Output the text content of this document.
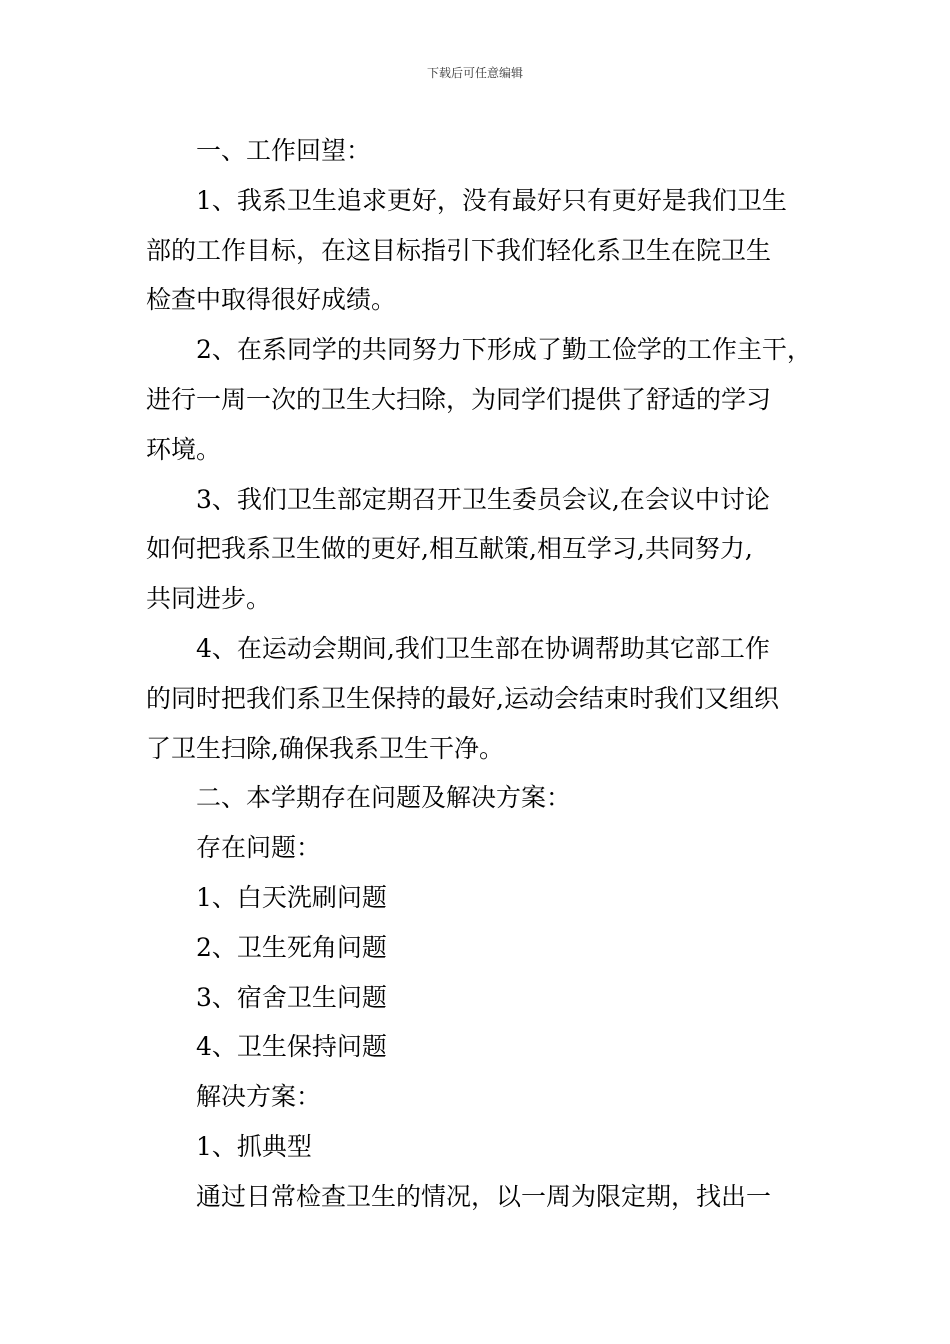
下载后可任意编辑
一、工作回望：
1、我系卫生追求更好，没有最好只有更好是我们卫生
部的工作目标，在这目标指引下我们轻化系卫生在院卫生
检查中取得很好成绩。
2、在系同学的共同努力下形成了勤工俭学的工作主干，
进行一周一次的卫生大扫除，为同学们提供了舒适的学习
环境。
3、我们卫生部定期召开卫生委员会议,在会议中讨论
如何把我系卫生做的更好,相互献策,相互学习,共同努力,
共同进步。
4、在运动会期间,我们卫生部在协调帮助其它部工作
的同时把我们系卫生保持的最好,运动会结束时我们又组织
了卫生扫除,确保我系卫生干净。
二、本学期存在问题及解决方案：
存在问题：
1、白天洗刷问题
2、卫生死角问题
3、宿舍卫生问题
4、卫生保持问题
解决方案：
1、抓典型
通过日常检查卫生的情况，以一周为限定期，找出一
